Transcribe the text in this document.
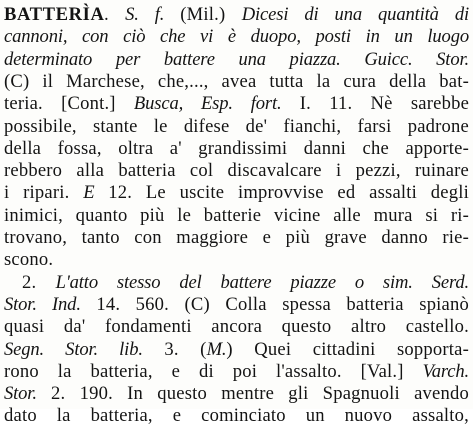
BATTERÌA. S. f. (Mil.) Dicesi di una quantità di
cannoni, con ciò che vi è duopo, posti in un luogo
determinato per battere una piazza. Guicc. Stor.
(C) il Marchese, che,..., avea tutta la cura della bat-
teria. [Cont.] Busca, Esp. fort. I. 11. Nè sarebbe
possibile, stante le difese de' fianchi, farsi padrone
della fossa, oltra a' grandissimi danni che apporte-
rebbero alla batteria col discavalcare i pezzi, ruinare
i ripari. E 12. Le uscite improvvise ed assalti degli
inimici, quanto più le batterie vicine alle mura si ri-
trovano, tanto con maggiore e più grave danno rie-
scono.
2. L'atto stesso del battere piazze o sim. Serd.
Stor. Ind. 14. 560. (C) Colla spessa batteria spianò
quasi da' fondamenti ancora questo altro castello.
Segn. Stor. lib. 3. (M.) Quei cittadini sopporta-
rono la batteria, e di poi l'assalto. [Val.] Varch.
Stor. 2. 190. In questo mentre gli Spagnuoli avendo
dato la batteria, e cominciato un nuovo assalto,
